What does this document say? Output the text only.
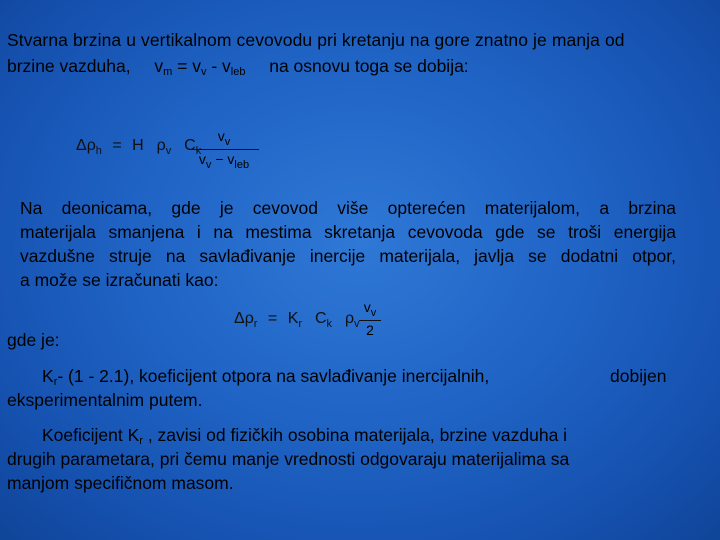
Stvarna brzina u vertikalnom cevovodu pri kretanju na gore znatno je manja od
brzine vazduha, $v_m = v_v - v_{leb}$ na osnovu toga se dobija:
$\Delta\rho_h = H$ $\rho_v$ $C_k$
$v_v$
$v_v - v_{leb}$
Na deonicama, gde je cevovod više opterećen materijalom, a brzina
materijala smanjena i na mestima skretanja cevovoda gde se troši energija
vazdušne struje na savlađivanje inercije materijala, javlja se dodatni otpor,
a može se izračunati kao:
$\Delta\rho_r = K_r$ $C_k$ $\rho_v$
$v_v$
2
gde je:
$K_r-$ (1 - 2.1), koeficijent otpora na savlađivanje inercijalnih,	dobijen
eksperimentalnim putem.
Koeficijent $K_r$ , zavisi od fizičkih osobina materijala, brzine vazduha i
drugih parametara, pri čemu manje vrednosti odgovaraju materijalima sa
manjom specifičnom masom.
